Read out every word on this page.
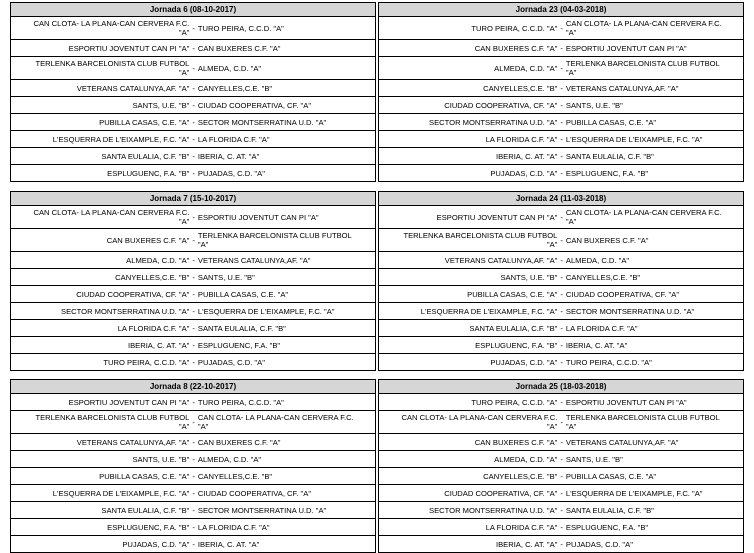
Jornada 6 (08-10-2017)
CAN CLOTA- LA PLANA-CAN CERVERA F.C.
"A" - TURO PEIRA, C.C.D. "A"
ESPORTIU JOVENTUT CAN PI "A" - CAN BUXERES C.F. "A"
TERLENKA BARCELONISTA CLUB FUTBOL
"A" - ALMEDA, C.D. "A"
VETERANS CATALUNYA,AF. "A" - CANYELLES,C.E. "B"
SANTS, U.E. "B" - CIUDAD COOPERATIVA, CF. "A"
PUBILLA CASAS, C.E. "A" - SECTOR MONTSERRATINA U.D. "A"
L'ESQUERRA DE L'EIXAMPLE, F.C. "A" - LA FLORIDA C.F. "A"
SANTA EULALIA, C.F. "B" - IBERIA, C. AT. "A"
ESPLUGUENC, F.A. "B" - PUJADAS, C.D. "A"
Jornada 23 (04-03-2018)
TURO PEIRA, C.C.D. "A" - CAN CLOTA- LA PLANA-CAN CERVERA F.C.
"A"
CAN BUXERES C.F. "A" - ESPORTIU JOVENTUT CAN PI "A"
ALMEDA, C.D. "A" - TERLENKA BARCELONISTA CLUB FUTBOL
"A"
CANYELLES,C.E. "B" - VETERANS CATALUNYA,AF. "A"
CIUDAD COOPERATIVA, CF. "A" - SANTS, U.E. "B"
SECTOR MONTSERRATINA U.D. "A" - PUBILLA CASAS, C.E. "A"
LA FLORIDA C.F. "A" - L'ESQUERRA DE L'EIXAMPLE, F.C. "A"
IBERIA, C. AT. "A" - SANTA EULALIA, C.F. "B"
PUJADAS, C.D. "A" - ESPLUGUENC, F.A. "B"
Jornada 7 (15-10-2017)
CAN CLOTA- LA PLANA-CAN CERVERA F.C.
"A" - ESPORTIU JOVENTUT CAN PI "A"
CAN BUXERES C.F. "A" - TERLENKA BARCELONISTA CLUB FUTBOL
"A"
ALMEDA, C.D. "A" - VETERANS CATALUNYA,AF. "A"
CANYELLES,C.E. "B" - SANTS, U.E. "B"
CIUDAD COOPERATIVA, CF. "A" - PUBILLA CASAS, C.E. "A"
SECTOR MONTSERRATINA U.D. "A" - L'ESQUERRA DE L'EIXAMPLE, F.C. "A"
LA FLORIDA C.F. "A" - SANTA EULALIA, C.F. "B"
IBERIA, C. AT. "A" - ESPLUGUENC, F.A. "B"
TURO PEIRA, C.C.D. "A" - PUJADAS, C.D. "A"
Jornada 24 (11-03-2018)
ESPORTIU JOVENTUT CAN PI "A" - CAN CLOTA- LA PLANA-CAN CERVERA F.C.
"A"
TERLENKA BARCELONISTA CLUB FUTBOL
"A" - CAN BUXERES C.F. "A"
VETERANS CATALUNYA,AF. "A" - ALMEDA, C.D. "A"
SANTS, U.E. "B" - CANYELLES,C.E. "B"
PUBILLA CASAS, C.E. "A" - CIUDAD COOPERATIVA, CF. "A"
L'ESQUERRA DE L'EIXAMPLE, F.C. "A" - SECTOR MONTSERRATINA U.D. "A"
SANTA EULALIA, C.F. "B" - LA FLORIDA C.F. "A"
ESPLUGUENC, F.A. "B" - IBERIA, C. AT. "A"
PUJADAS, C.D. "A" - TURO PEIRA, C.C.D. "A"
Jornada 8 (22-10-2017)
ESPORTIU JOVENTUT CAN PI "A" - TURO PEIRA, C.C.D. "A"
TERLENKA BARCELONISTA CLUB FUTBOL
"A" - CAN CLOTA- LA PLANA-CAN CERVERA F.C.
"A"
VETERANS CATALUNYA,AF. "A" - CAN BUXERES C.F. "A"
SANTS, U.E. "B" - ALMEDA, C.D. "A"
PUBILLA CASAS, C.E. "A" - CANYELLES,C.E. "B"
L'ESQUERRA DE L'EIXAMPLE, F.C. "A" - CIUDAD COOPERATIVA, CF. "A"
SANTA EULALIA, C.F. "B" - SECTOR MONTSERRATINA U.D. "A"
ESPLUGUENC, F.A. "B" - LA FLORIDA C.F. "A"
PUJADAS, C.D. "A" - IBERIA, C. AT. "A"
Jornada 25 (18-03-2018)
TURO PEIRA, C.C.D. "A" - ESPORTIU JOVENTUT CAN PI "A"
CAN CLOTA- LA PLANA-CAN CERVERA F.C.
"A" - TERLENKA BARCELONISTA CLUB FUTBOL
"A"
CAN BUXERES C.F. "A" - VETERANS CATALUNYA,AF. "A"
ALMEDA, C.D. "A" - SANTS, U.E. "B"
CANYELLES,C.E. "B" - PUBILLA CASAS, C.E. "A"
CIUDAD COOPERATIVA, CF. "A" - L'ESQUERRA DE L'EIXAMPLE, F.C. "A"
SECTOR MONTSERRATINA U.D. "A" - SANTA EULALIA, C.F. "B"
LA FLORIDA C.F. "A" - ESPLUGUENC, F.A. "B"
IBERIA, C. AT. "A" - PUJADAS, C.D. "A"
